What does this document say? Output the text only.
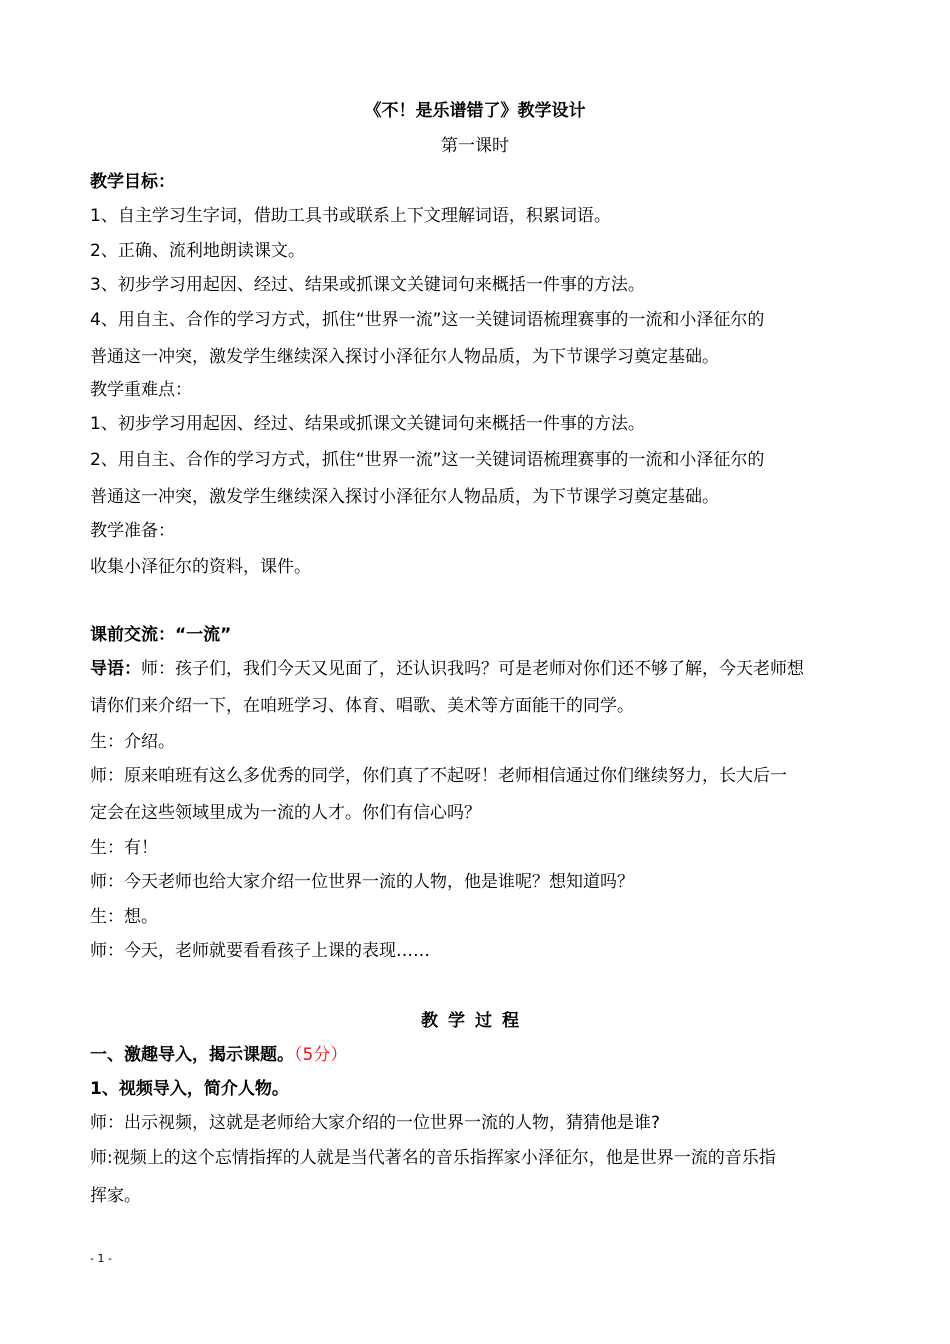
《不！是乐谱错了》教学设计
第一课时
教学目标：
1、自主学习生字词，借助工具书或联系上下文理解词语，积累词语。
2、正确、流利地朗读课文。
3、初步学习用起因、经过、结果或抓课文关键词句来概括一件事的方法。
4、用自主、合作的学习方式，抓住“世界一流”这一关键词语梳理赛事的一流和小泽征尔的
普通这一冲突，激发学生继续深入探讨小泽征尔人物品质，为下节课学习奠定基础。
教学重难点：
1、初步学习用起因、经过、结果或抓课文关键词句来概括一件事的方法。
2、用自主、合作的学习方式，抓住“世界一流”这一关键词语梳理赛事的一流和小泽征尔的
普通这一冲突，激发学生继续深入探讨小泽征尔人物品质，为下节课学习奠定基础。
教学准备：
收集小泽征尔的资料，课件。
课前交流：“一流”
导语：师：孩子们，我们今天又见面了，还认识我吗？可是老师对你们还不够了解，今天老师想
请你们来介绍一下，在咱班学习、体育、唱歌、美术等方面能干的同学。
生：介绍。
师：原来咱班有这么多优秀的同学，你们真了不起呀！老师相信通过你们继续努力，长大后一
定会在这些领域里成为一流的人才。你们有信心吗？
生：有！
师：今天老师也给大家介绍一位世界一流的人物，他是谁呢？想知道吗？
生：想。
师：今天，老师就要看看孩子上课的表现……
教学过程
一、激趣导入，揭示课题。（5分）
1、视频导入，简介人物。
师：出示视频，这就是老师给大家介绍的一位世界一流的人物，猜猜他是谁?
师:视频上的这个忘情指挥的人就是当代著名的音乐指挥家小泽征尔，他是世界一流的音乐指
挥家。
- 1 -
